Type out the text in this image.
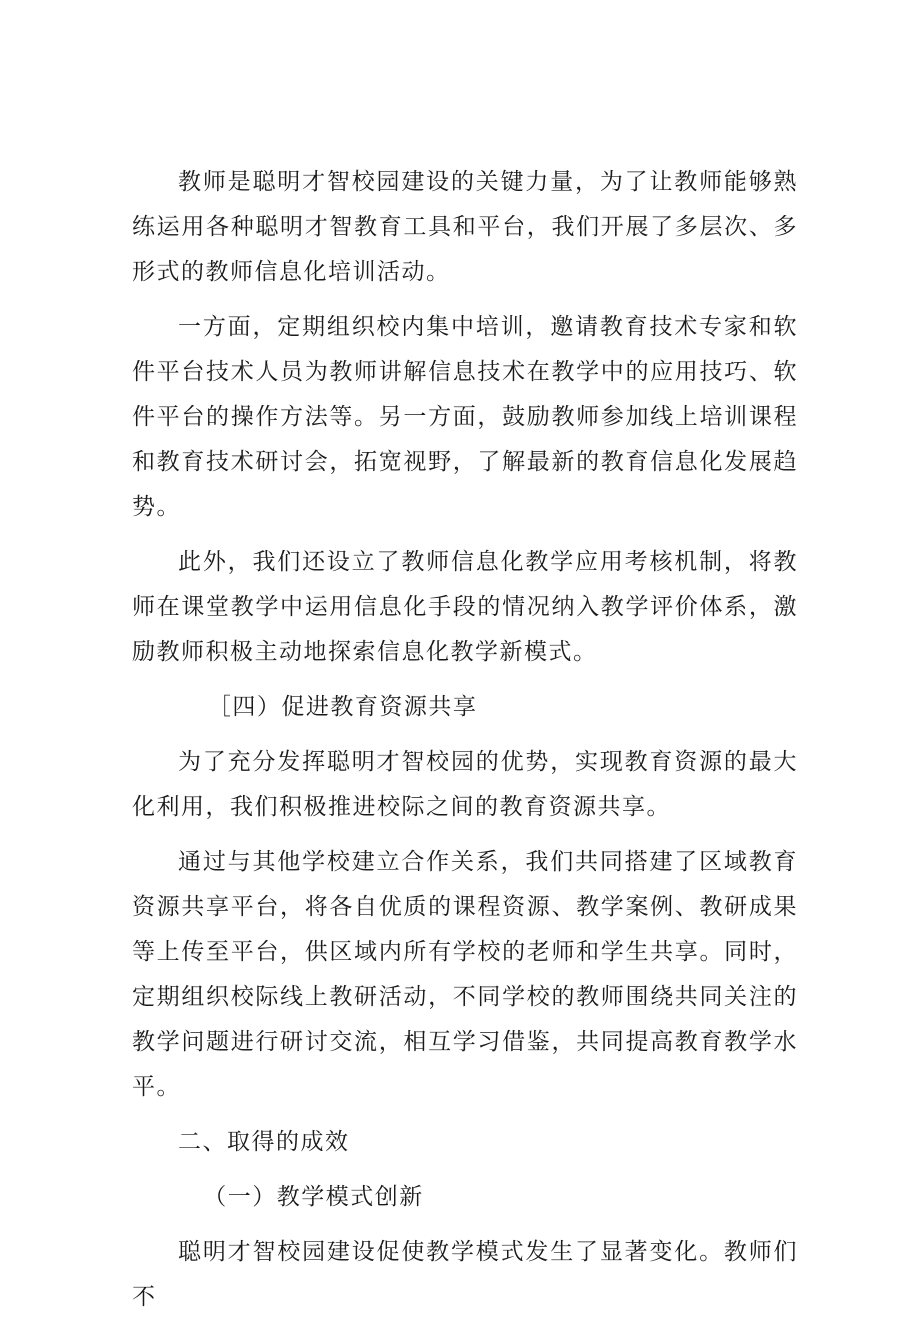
教师是聪明才智校园建设的关键力量，为了让教师能够熟练运用各种聪明才智教育工具和平台，我们开展了多层次、多形式的教师信息化培训活动。

一方面，定期组织校内集中培训，邀请教育技术专家和软件平台技术人员为教师讲解信息技术在教学中的应用技巧、软件平台的操作方法等。另一方面，鼓励教师参加线上培训课程和教育技术研讨会，拓宽视野，了解最新的教育信息化发展趋势。

此外，我们还设立了教师信息化教学应用考核机制，将教师在课堂教学中运用信息化手段的情况纳入教学评价体系，激励教师积极主动地探索信息化教学新模式。

［四）促进教育资源共享

为了充分发挥聪明才智校园的优势，实现教育资源的最大化利用，我们积极推进校际之间的教育资源共享。

通过与其他学校建立合作关系，我们共同搭建了区域教育资源共享平台，将各自优质的课程资源、教学案例、教研成果等上传至平台，供区域内所有学校的老师和学生共享。同时，定期组织校际线上教研活动，不同学校的教师围绕共同关注的教学问题进行研讨交流，相互学习借鉴，共同提高教育教学水平。

二、取得的成效

（一）教学模式创新

聪明才智校园建设促使教学模式发生了显著变化。教师们不
